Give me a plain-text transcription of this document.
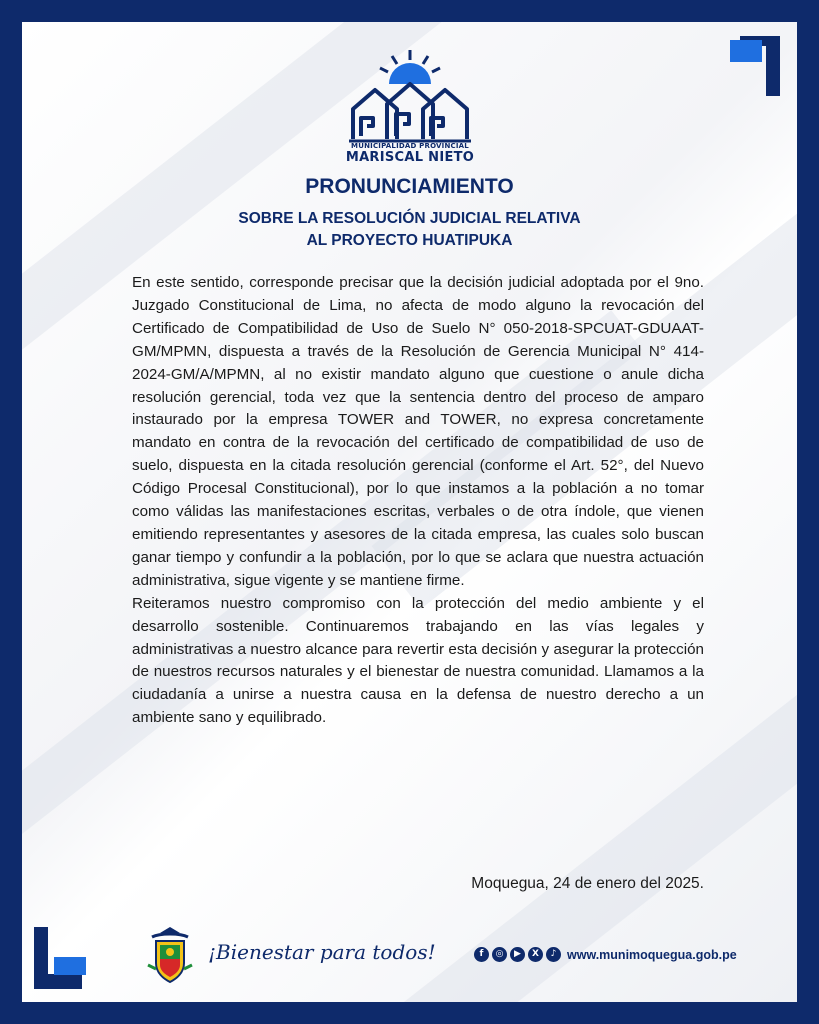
MUNICIPALIDAD PROVINCIAL
MARISCAL NIETO
PRONUNCIAMIENTO
SOBRE LA RESOLUCIÓN JUDICIAL RELATIVA
AL PROYECTO HUATIPUKA

En este sentido, corresponde precisar que la decisión judicial adoptada por el 9no. Juzgado Constitucional de Lima, no afecta de modo alguno la revocación del Certificado de Compatibilidad de Uso de Suelo N° 050-2018-SPCUAT-GDUAAT-GM/MPMN, dispuesta a través de la Resolución de Gerencia Municipal N° 414-2024-GM/A/MPMN, al no existir mandato alguno que cuestione o anule dicha resolución gerencial, toda vez que la sentencia dentro del proceso de amparo instaurado por la empresa TOWER and TOWER, no expresa concretamente mandato en contra de la revocación del certificado de compatibilidad de uso de suelo, dispuesta en la citada resolución gerencial (conforme el Art. 52°, del Nuevo Código Procesal Constitucional), por lo que instamos a la población a no tomar como válidas las manifestaciones escritas, verbales o de otra índole, que vienen emitiendo representantes y asesores de la citada empresa, las cuales solo buscan ganar tiempo y confundir a la población, por lo que se aclara que nuestra actuación administrativa, sigue vigente y se mantiene firme.

Reiteramos nuestro compromiso con la protección del medio ambiente y el desarrollo sostenible. Continuaremos trabajando en las vías legales y administrativas a nuestro alcance para revertir esta decisión y asegurar la protección de nuestros recursos naturales y el bienestar de nuestra comunidad. Llamamos a la ciudadanía a unirse a nuestra causa en la defensa de nuestro derecho a un ambiente sano y equilibrado.

Moquegua, 24 de enero del 2025.
¡Bienestar para todos!	f	◎	▶	X	♪ www.munimoquegua.gob.pe
